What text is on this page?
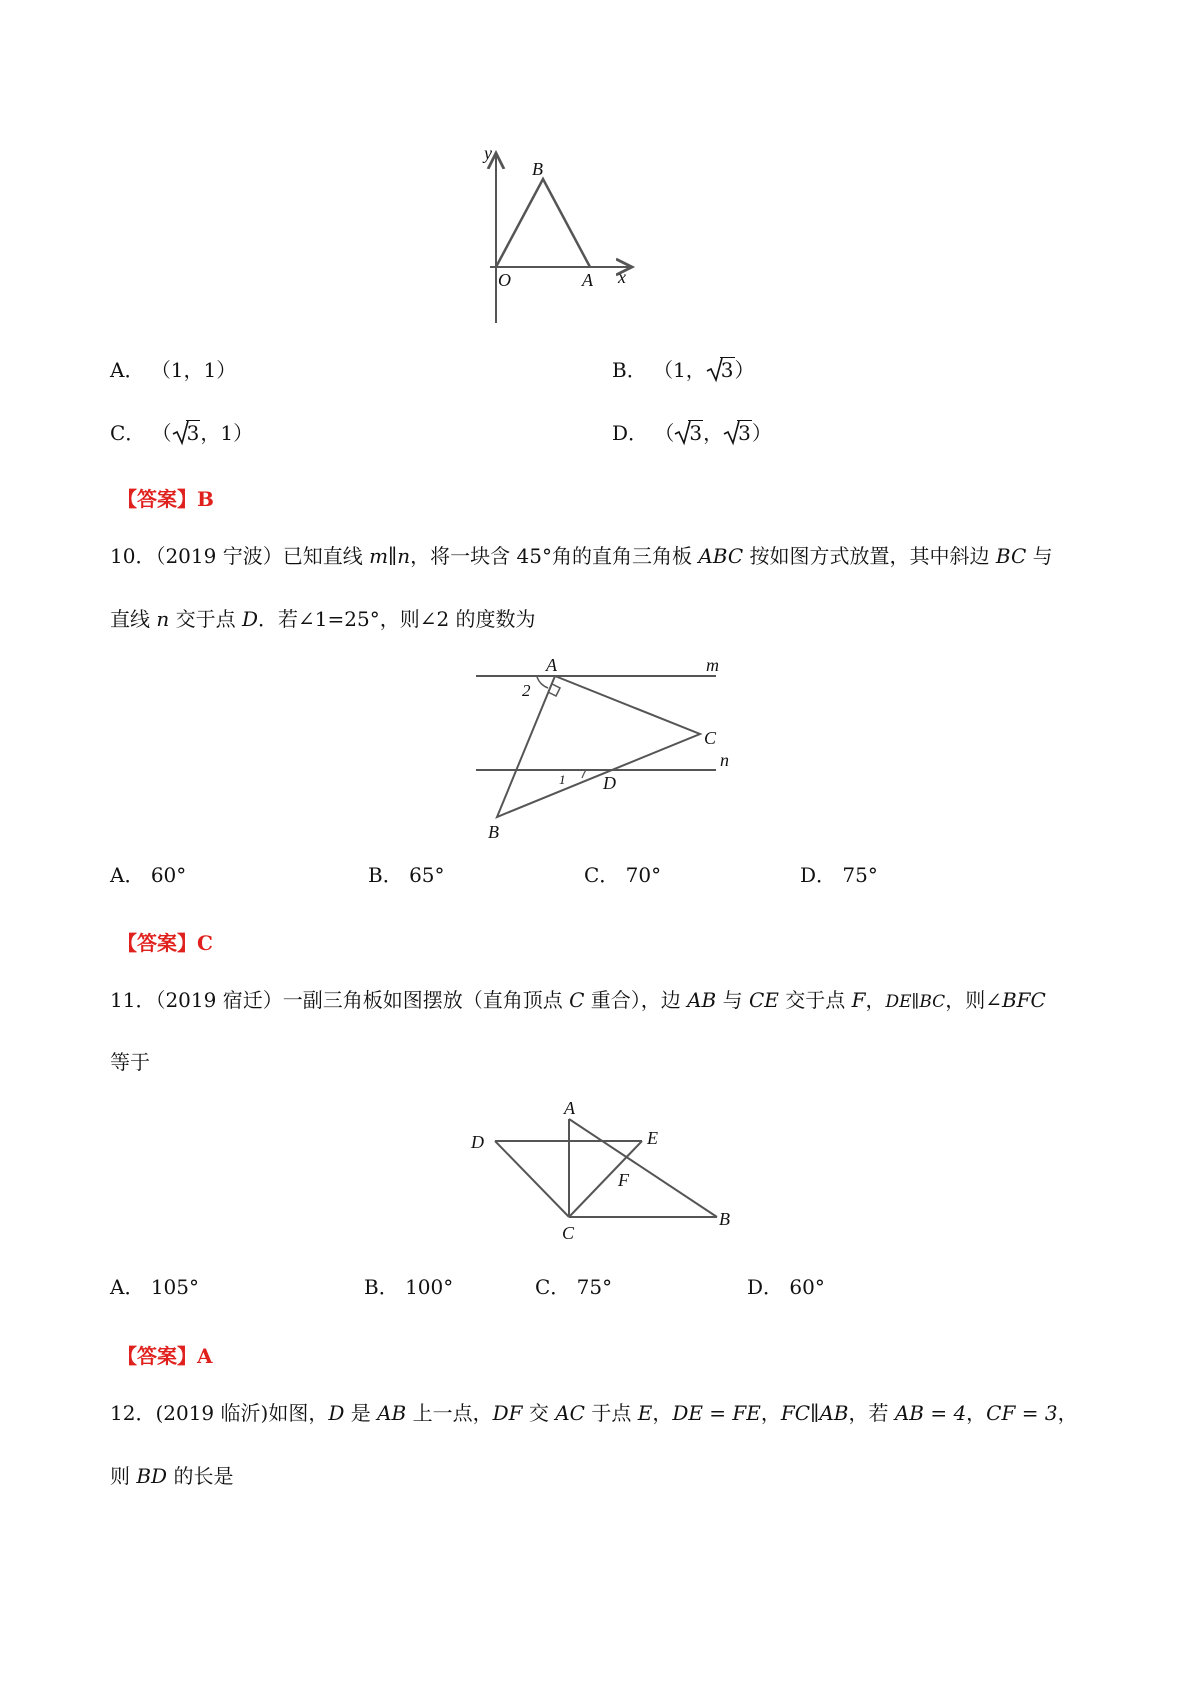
y
B
O	A x
A． （1，1）	B． （1， 3）
C． （ 3，1）	D． （ 3， 3）
【答案】B
10．（2019 宁波）已知直线 m∥n，将一块含 45°角的直角三角板 ABC 按如图方式放置，其中斜边 BC 与
直线 n 交于点 D．若∠1=25°，则∠2 的度数为
A	m
2
C
n
1 D
B
A． 60°	B． 65°	C． 70°	D． 75°
【答案】C
11．（2019 宿迁）一副三角板如图摆放（直角顶点 C 重合），边 AB 与 CE 交于点 F，DE∥BC，则∠BFC
等于
A
D	E
F
C
B
A． 105°	B． 100°	C． 75°	D． 60°
【答案】A
12．(2019 临沂)如图，D 是 AB 上一点，DF 交 AC 于点 E，DE = FE，FC∥AB，若 AB = 4，CF = 3，
则 BD 的长是
